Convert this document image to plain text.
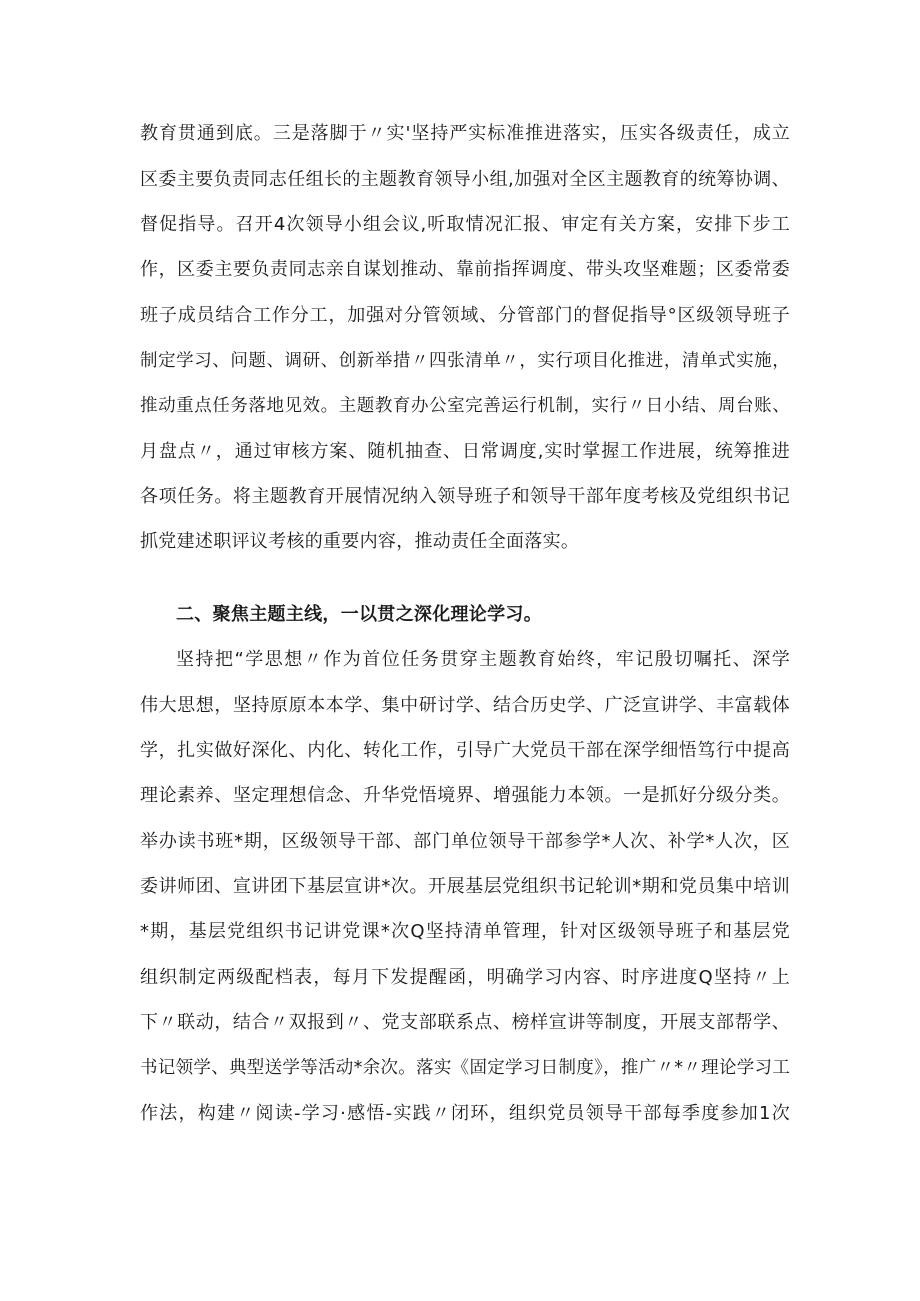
教育贯通到底。三是落脚于〃实'坚持严实标准推进落实，压实各级责任，成立
区委主要负责同志任组长的主题教育领导小组,加强对全区主题教育的统筹协调、
督促指导。召开4次领导小组会议,听取情况汇报、审定有关方案，安排下步工
作，区委主要负责同志亲自谋划推动、靠前指挥调度、带头攻坚难题；区委常委
班子成员结合工作分工，加强对分管领域、分管部门的督促指导°区级领导班子
制定学习、问题、调研、创新举措〃四张清单〃，实行项目化推进，清单式实施，
推动重点任务落地见效。主题教育办公室完善运行机制，实行〃日小结、周台账、
月盘点〃，通过审核方案、随机抽查、日常调度,实时掌握工作进展，统筹推进
各项任务。将主题教育开展情况纳入领导班子和领导干部年度考核及党组织书记
抓党建述职评议考核的重要内容，推动责任全面落实。
二、聚焦主题主线，一以贯之深化理论学习。
坚持把“学思想〃作为首位任务贯穿主题教育始终，牢记殷切嘱托、深学
伟大思想，坚持原原本本学、集中研讨学、结合历史学、广泛宣讲学、丰富载体
学，扎实做好深化、内化、转化工作，引导广大党员干部在深学细悟笃行中提高
理论素养、坚定理想信念、升华党悟境界、增强能力本领。一是抓好分级分类。
举办读书班*期，区级领导干部、部门单位领导干部参学*人次、补学*人次，区
委讲师团、宣讲团下基层宣讲*次。开展基层党组织书记轮训*期和党员集中培训
*期，基层党组织书记讲党课*次Q坚持清单管理，针对区级领导班子和基层党
组织制定两级配档表，每月下发提醒函，明确学习内容、时序进度Q坚持〃上
下〃联动，结合〃双报到〃、党支部联系点、榜样宣讲等制度，开展支部帮学、
书记领学、典型送学等活动*余次。落实《固定学习日制度》，推广〃*〃理论学习工
作法，构建〃阅读-学习·感悟-实践〃闭环，组织党员领导干部每季度参加1次
